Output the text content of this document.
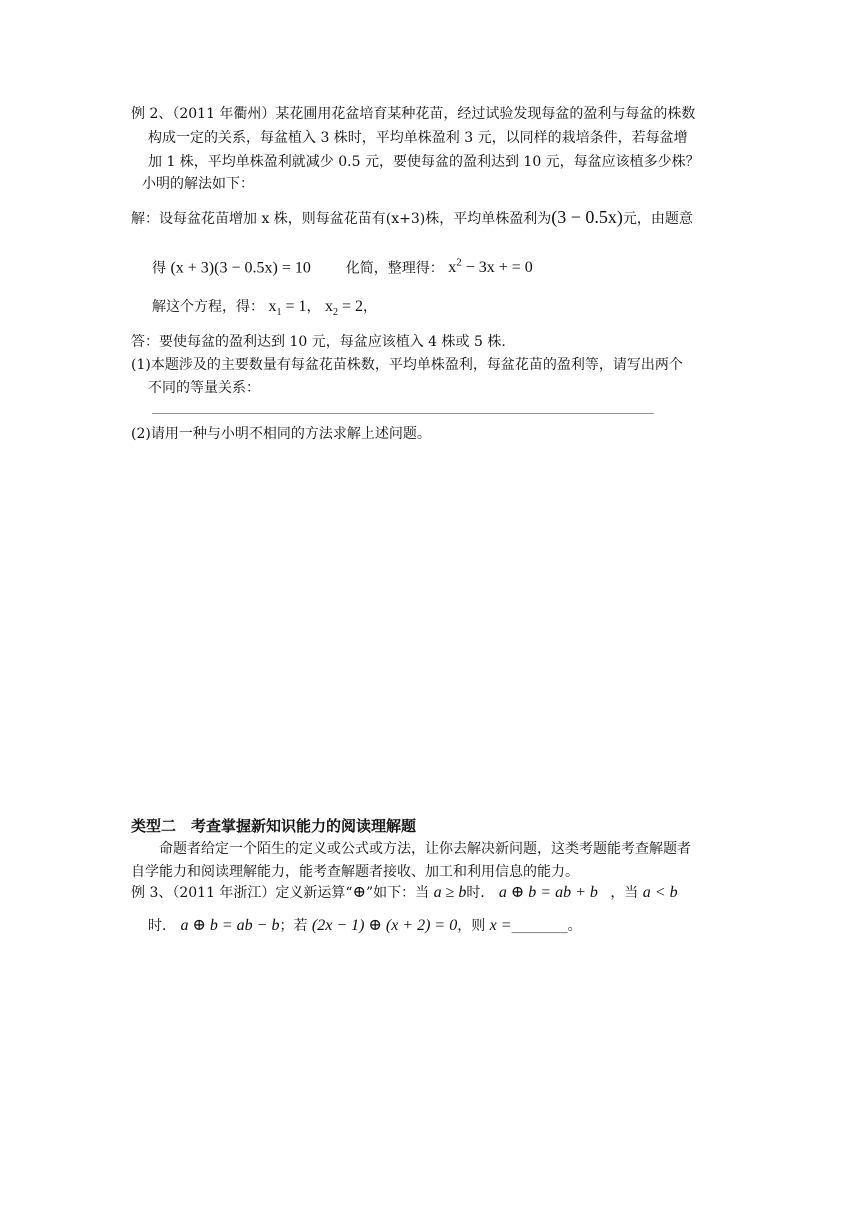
例 2、（2011 年衢州）某花圃用花盆培育某种花苗，经过试验发现每盆的盈利与每盆的株数
构成一定的关系，每盆植入 3 株时，平均单株盈利 3 元，以同样的栽培条件，若每盆增
加 1 株，平均单株盈利就减少 0.5 元，要使每盆的盈利达到 10 元，每盆应该植多少株？
小明的解法如下：
解：设每盆花苗增加 x 株，则每盆花苗有(x+3)株，平均单株盈利为(3 − 0.5x)元，由题意
得 (x + 3)(3 − 0.5x) = 10 化简，整理得： $x^2 - 3x$ + = 0
解这个方程，得： $x_1 = 1$， $x_2 = 2$，
答：要使每盆的盈利达到 10 元，每盆应该植入 4 株或 5 株.
(1)本题涉及的主要数量有每盆花苗株数，平均单株盈利，每盆花苗的盈利等，请写出两个
不同的等量关系：
(2)请用一种与小明不相同的方法求解上述问题。
类型二　考查掌握新知识能力的阅读理解题
命题者给定一个陌生的定义或公式或方法，让你去解决新问题，这类考题能考查解题者
自学能力和阅读理解能力，能考查解题者接收、加工和利用信息的能力。
例 3、（2011 年浙江）定义新运算“⊕”如下：当 a ≥ b时． a ⊕ b = ab + b ，当 a < b
时． a ⊕ b = ab − b；若 (2x − 1) ⊕ (x + 2) = 0，则 x =________。
